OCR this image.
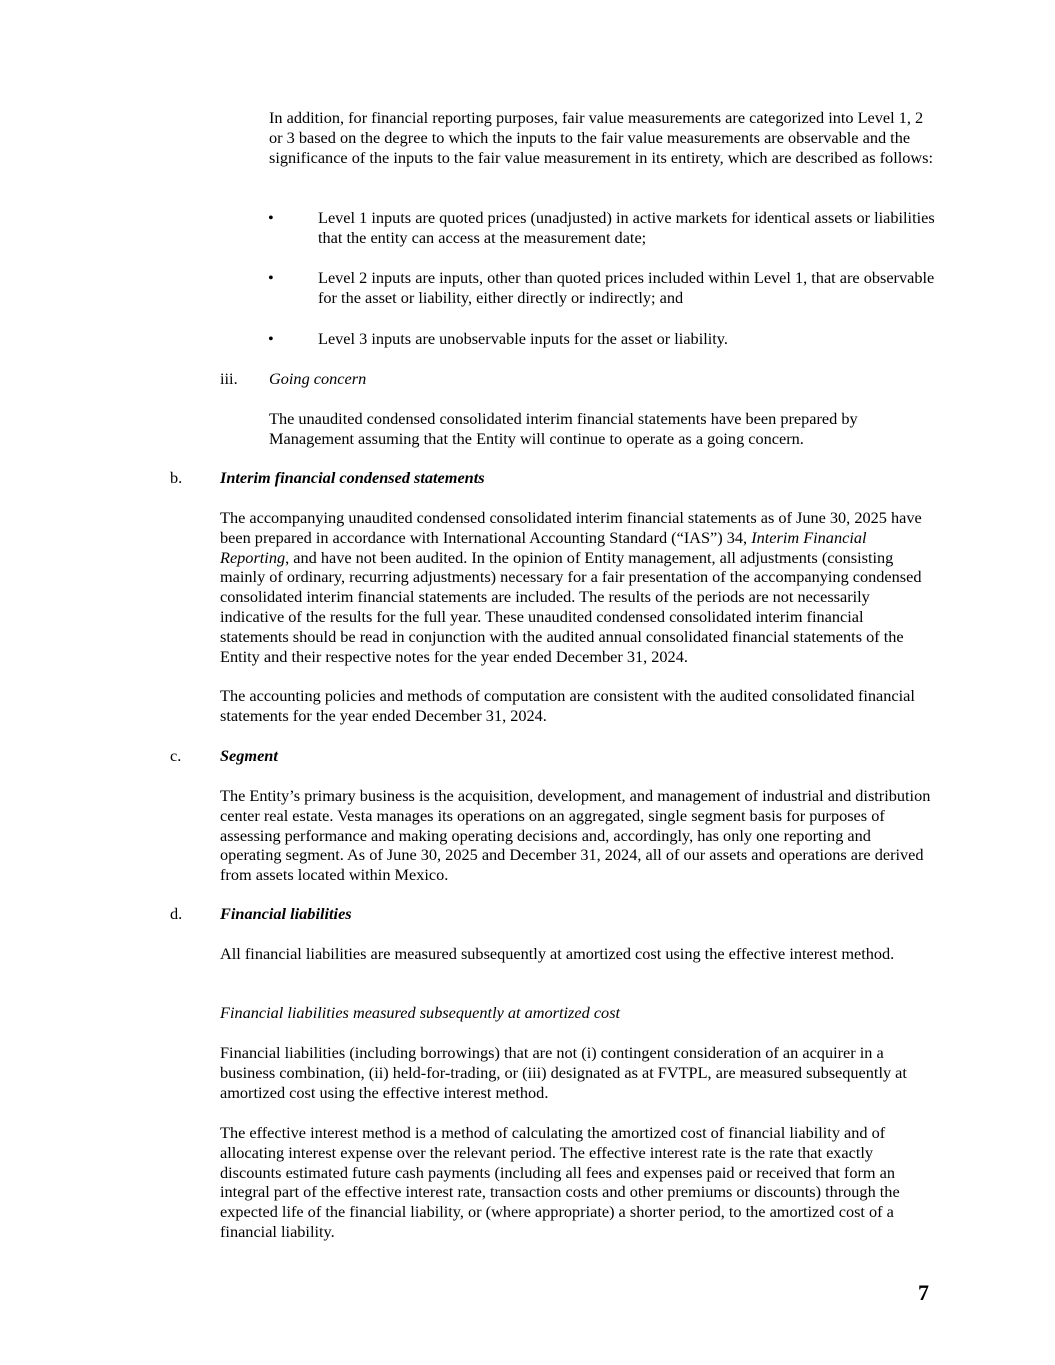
In addition, for financial reporting purposes, fair value measurements are categorized into Level 1, 2 or 3 based on the degree to which the inputs to the fair value measurements are observable and the significance of the inputs to the fair value measurement in its entirety, which are described as follows:
•	Level 1 inputs are quoted prices (unadjusted) in active markets for identical assets or liabilities that the entity can access at the measurement date;
•	Level 2 inputs are inputs, other than quoted prices included within Level 1, that are observable for the asset or liability, either directly or indirectly; and
•	Level 3 inputs are unobservable inputs for the asset or liability.
iii. Going concern
The unaudited condensed consolidated interim financial statements have been prepared by Management assuming that the Entity will continue to operate as a going concern.
b. Interim financial condensed statements
The accompanying unaudited condensed consolidated interim financial statements as of June 30, 2025 have been prepared in accordance with International Accounting Standard (“IAS”) 34, Interim Financial Reporting, and have not been audited. In the opinion of Entity management, all adjustments (consisting mainly of ordinary, recurring adjustments) necessary for a fair presentation of the accompanying condensed consolidated interim financial statements are included. The results of the periods are not necessarily indicative of the results for the full year. These unaudited condensed consolidated interim financial statements should be read in conjunction with the audited annual consolidated financial statements of the Entity and their respective notes for the year ended December 31, 2024.
The accounting policies and methods of computation are consistent with the audited consolidated financial statements for the year ended December 31, 2024.
c. Segment
The Entity’s primary business is the acquisition, development, and management of industrial and distribution center real estate. Vesta manages its operations on an aggregated, single segment basis for purposes of assessing performance and making operating decisions and, accordingly, has only one reporting and operating segment. As of June 30, 2025 and December 31, 2024, all of our assets and operations are derived from assets located within Mexico.
d. Financial liabilities
All financial liabilities are measured subsequently at amortized cost using the effective interest method.
Financial liabilities measured subsequently at amortized cost
Financial liabilities (including borrowings) that are not (i) contingent consideration of an acquirer in a business combination, (ii) held-for-trading, or (iii) designated as at FVTPL, are measured subsequently at amortized cost using the effective interest method.
The effective interest method is a method of calculating the amortized cost of financial liability and of allocating interest expense over the relevant period. The effective interest rate is the rate that exactly discounts estimated future cash payments (including all fees and expenses paid or received that form an integral part of the effective interest rate, transaction costs and other premiums or discounts) through the expected life of the financial liability, or (where appropriate) a shorter period, to the amortized cost of a financial liability.
7
